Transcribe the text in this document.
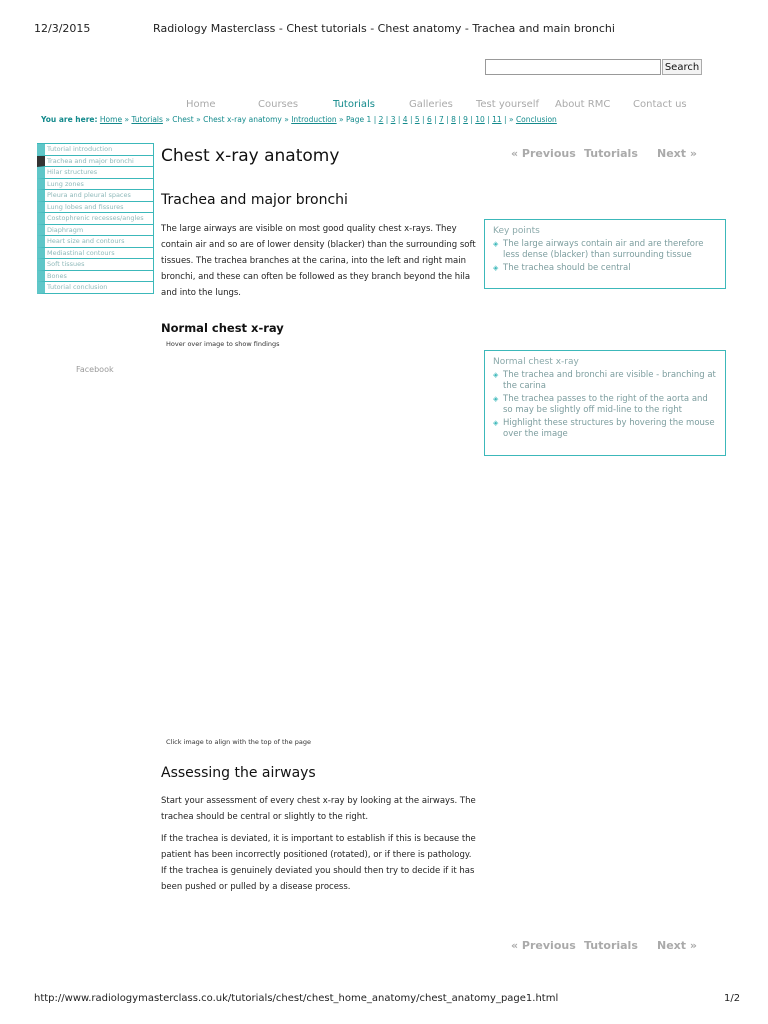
12/3/2015	Radiology Masterclass - Chest tutorials - Chest anatomy - Trachea and main bronchi
Search
Home	Courses	Tutorials	Galleries Test yourself About RMC Contact us
You are here: Home » Tutorials » Chest » Chest x-ray anatomy » Introduction » Page 1 | 2 | 3 | 4 | 5 | 6 | 7 | 8 | 9 | 10 | 11 | » Conclusion
Tutorial introduction
Trachea and major bronchi
Hilar structures
Lung zones
Pleura and pleural spaces
Lung lobes and fissures
Costophrenic recesses/angles
Diaphragm
Heart size and contours
Mediastinal contours
Soft tissues
Bones
Tutorial conclusion
Facebook
Chest x-ray anatomy	« Previous Tutorials Next »
Trachea and major bronchi
The large airways are visible on most good quality chest x-rays. They contain air and so are of lower density (blacker) than the surrounding soft tissues. The trachea branches at the carina, into the left and right main bronchi, and these can often be followed as they branch beyond the hila and into the lungs.
Key points
◈ The large airways contain air and are therefore less dense (blacker) than surrounding tissue
◈ The trachea should be central
Normal chest x-ray
Hover over image to show findings
Click image to align with the top of the page
Normal chest x-ray
◈ The trachea and bronchi are visible - branching at the carina
◈ The trachea passes to the right of the aorta and so may be slightly off mid-line to the right
◈ Highlight these structures by hovering the mouse over the image
Assessing the airways
Start your assessment of every chest x-ray by looking at the airways. The trachea should be central or slightly to the right.
If the trachea is deviated, it is important to establish if this is because the patient has been incorrectly positioned (rotated), or if there is pathology. If the trachea is genuinely deviated you should then try to decide if it has been pushed or pulled by a disease process.
« Previous Tutorials Next »
http://www.radiologymasterclass.co.uk/tutorials/chest/chest_home_anatomy/chest_anatomy_page1.html	1/2
